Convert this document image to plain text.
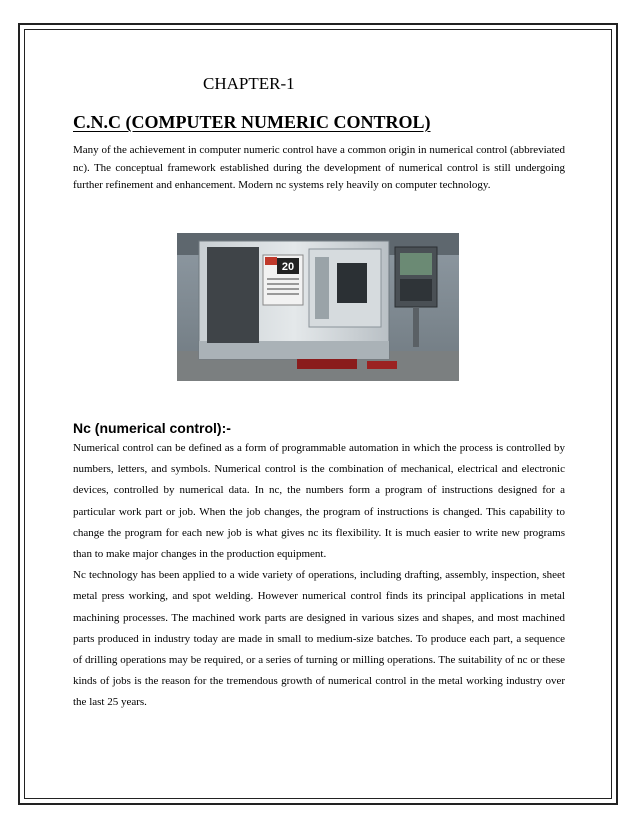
CHAPTER-1
C.N.C (COMPUTER NUMERIC CONTROL)
Many of the achievement in computer numeric control have a common origin in numerical control (abbreviated nc). The conceptual framework established during the development of numerical control is still undergoing further refinement and enhancement. Modern nc systems rely heavily on computer technology.
20
Nc (numerical control):-

Numerical control can be defined as a form of programmable automation in which the process is controlled by numbers, letters, and symbols. Numerical control is the combination of mechanical, electrical and electronic devices, controlled by numerical data. In nc, the numbers form a program of instructions designed for a particular work part or job. When the job changes, the program of instructions is changed. This capability to change the program for each new job is what gives nc its flexibility. It is much easier to write new programs than to make major changes in the production equipment.

Nc technology has been applied to a wide variety of operations, including drafting, assembly, inspection, sheet metal press working, and spot welding. However numerical control finds its principal applications in metal machining processes. The machined work parts are designed in various sizes and shapes, and most machined parts produced in industry today are made in small to medium-size batches. To produce each part, a sequence of drilling operations may be required, or a series of turning or milling operations. The suitability of nc or these kinds of jobs is the reason for the tremendous growth of numerical control in the metal working industry over the last 25 years.
